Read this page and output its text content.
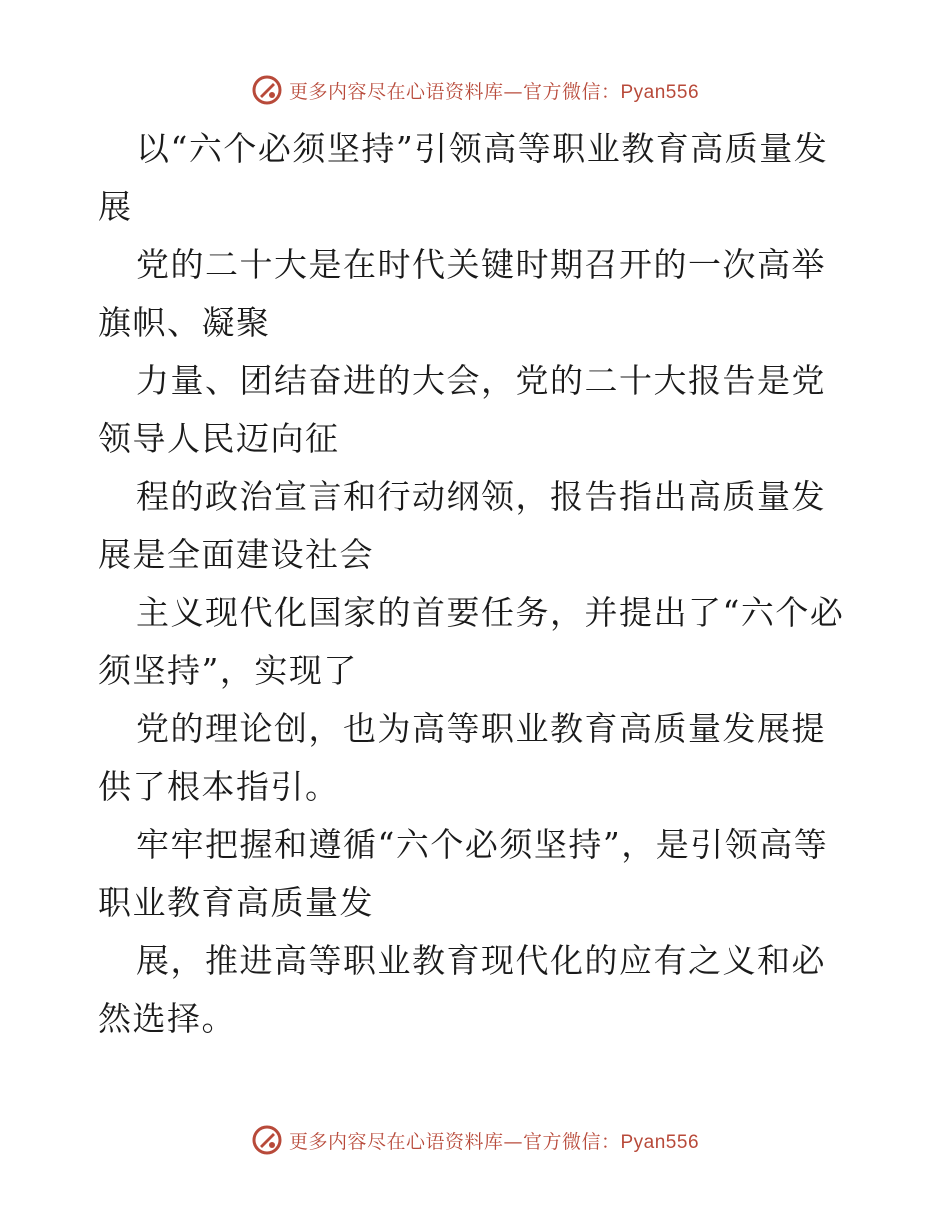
更多内容尽在心语资料库—官方微信：Pyan556

以“六个必须坚持”引领高等职业教育高质量发展

党的二十大是在时代关键时期召开的一次高举旗帜、凝聚

力量、团结奋进的大会，党的二十大报告是党领导人民迈向征

程的政治宣言和行动纲领，报告指出高质量发展是全面建设社会

主义现代化国家的首要任务，并提出了“六个必须坚持”，实现了

党的理论创，也为高等职业教育高质量发展提供了根本指引。

牢牢把握和遵循“六个必须坚持”，是引领高等职业教育高质量发

展，推进高等职业教育现代化的应有之义和必然选择。

更多内容尽在心语资料库—官方微信：Pyan556
